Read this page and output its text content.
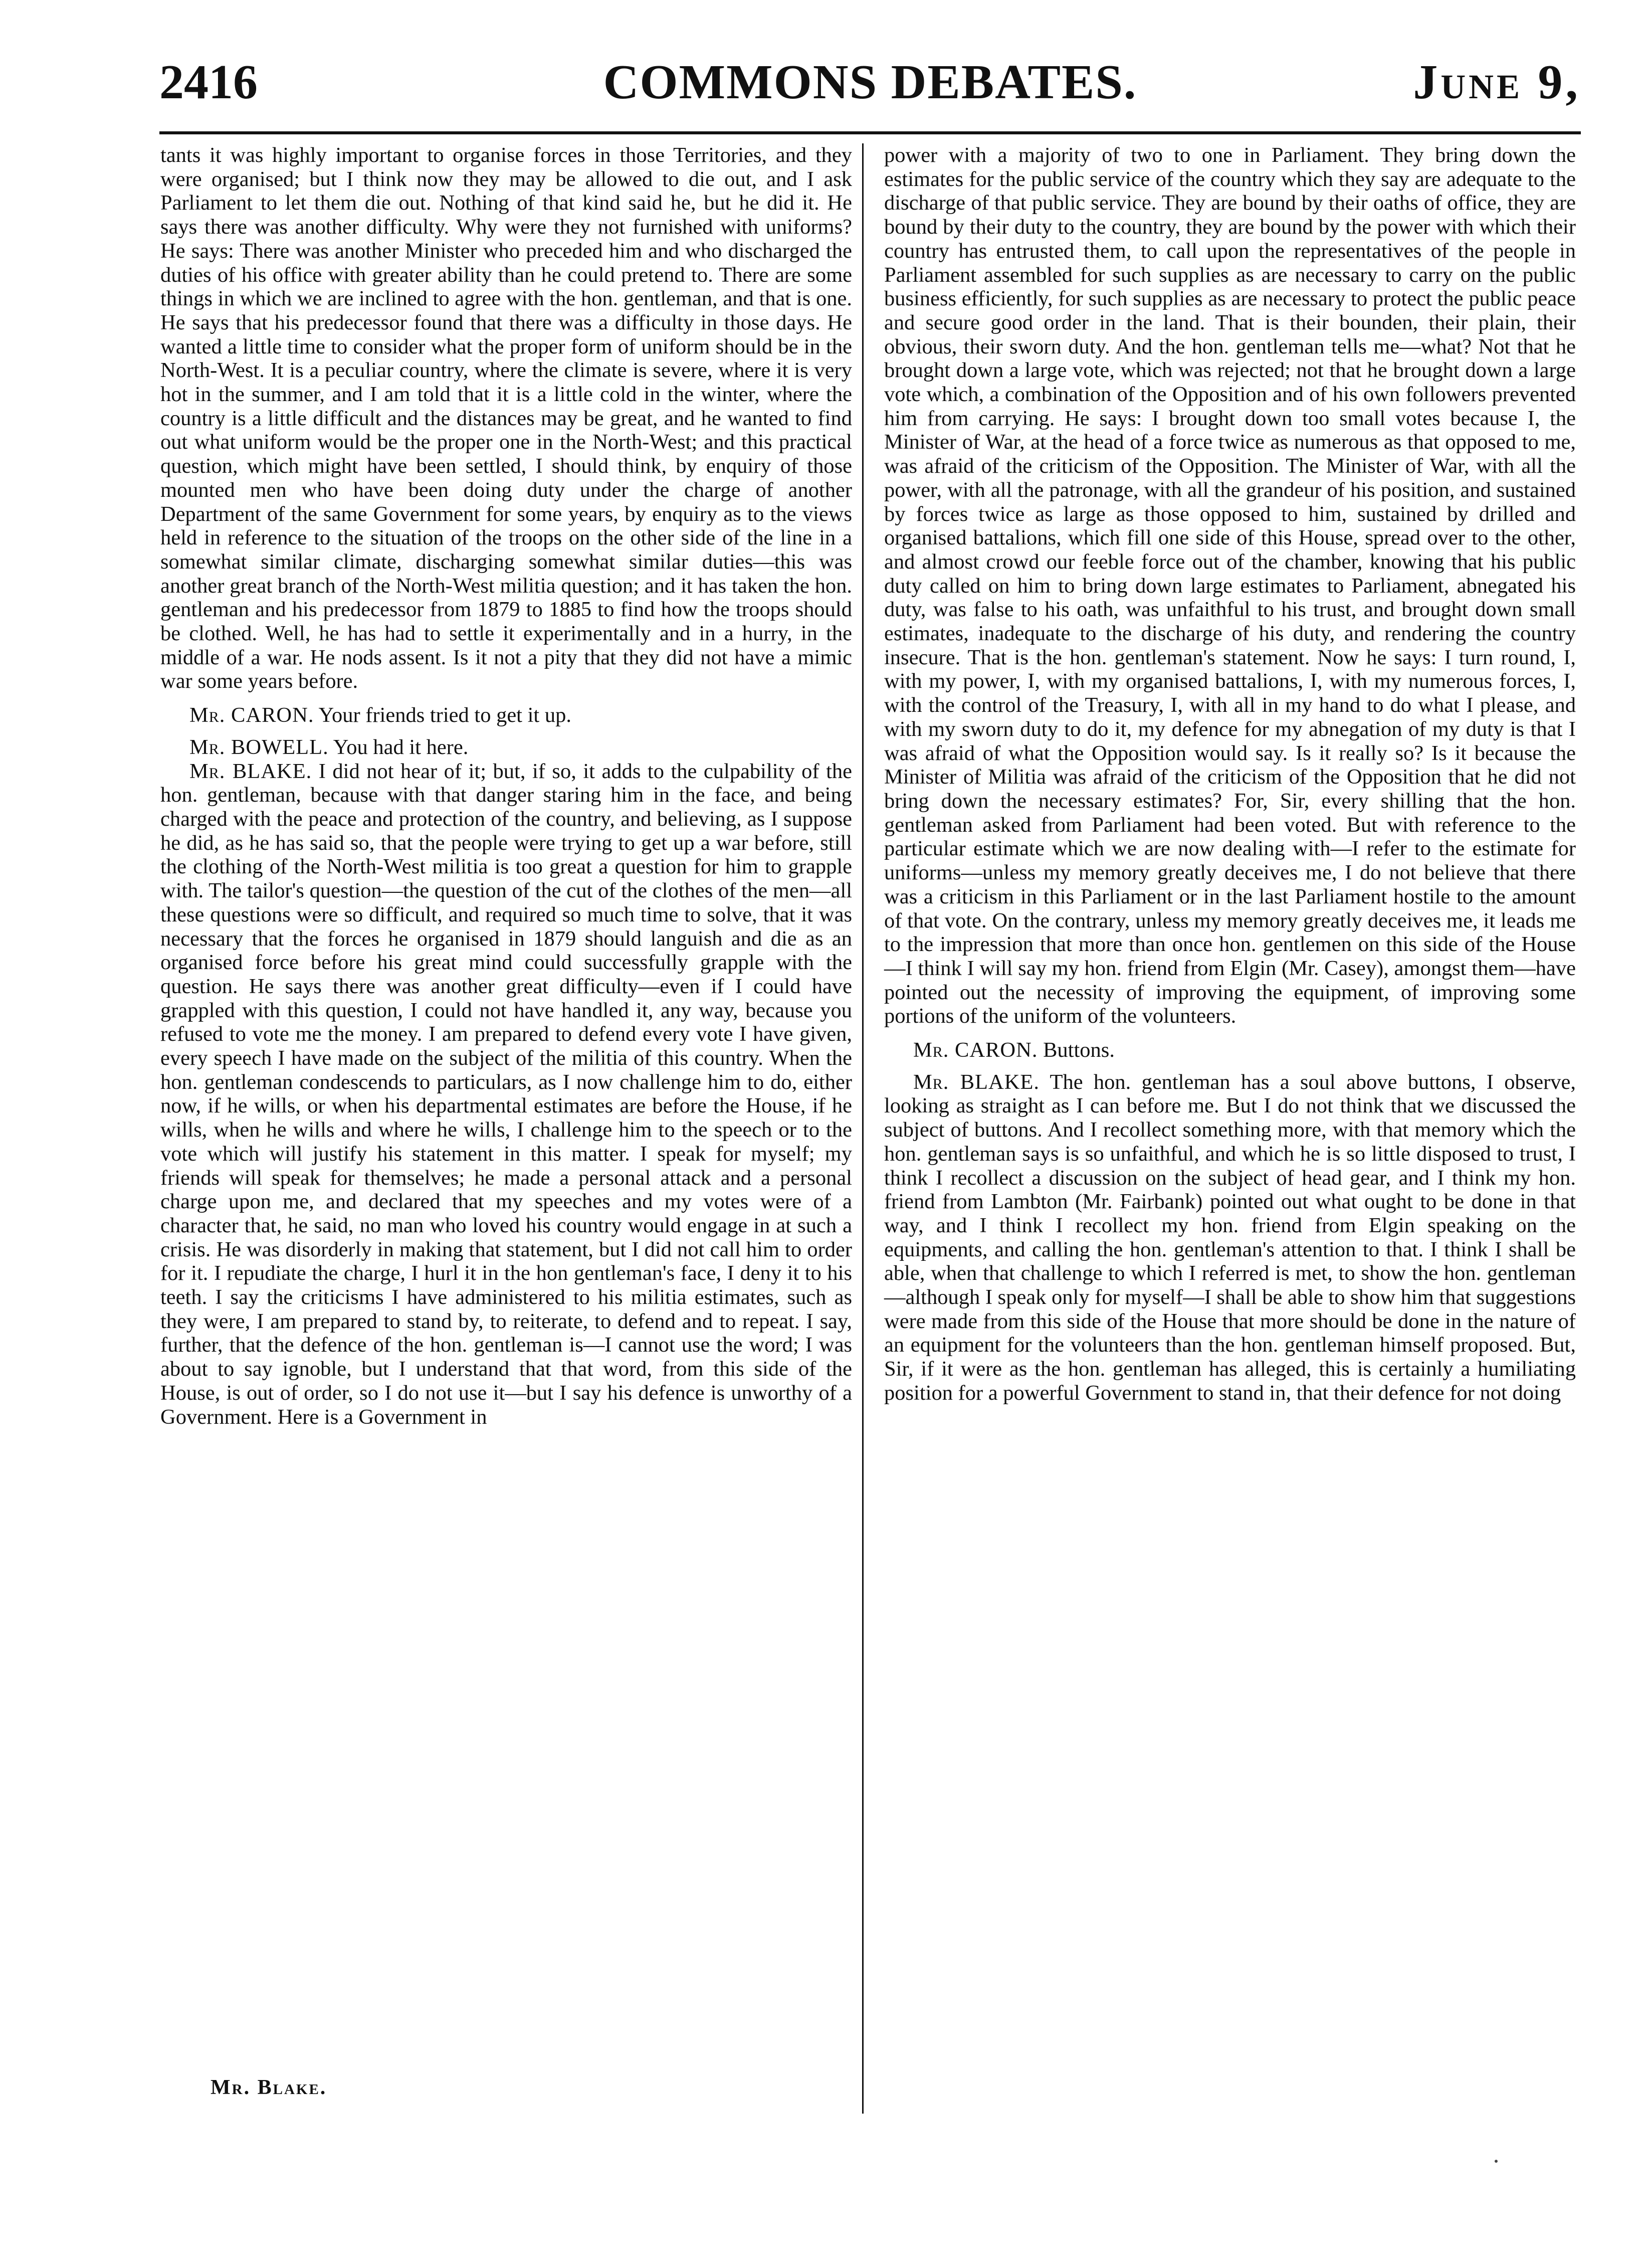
2416	COMMONS DEBATES.	June 9,

tants it was highly important to organise forces in those Territories, and they were organised; but I think now they may be allowed to die out, and I ask Parliament to let them die out. Nothing of that kind said he, but he did it. He says there was another difficulty. Why were they not furnished with uniforms? He says: There was another Minister who preceded him and who discharged the duties of his office with greater ability than he could pretend to. There are some things in which we are inclined to agree with the hon. gentleman, and that is one. He says that his predecessor found that there was a difficulty in those days. He wanted a little time to consider what the proper form of uniform should be in the North-West. It is a peculiar country, where the climate is severe, where it is very hot in the summer, and I am told that it is a little cold in the winter, where the country is a little difficult and the distances may be great, and he wanted to find out what uniform would be the proper one in the North-West; and this practical question, which might have been settled, I should think, by enquiry of those mounted men who have been doing duty under the charge of another Department of the same Government for some years, by enquiry as to the views held in reference to the situation of the troops on the other side of the line in a somewhat similar climate, discharging somewhat similar duties—this was another great branch of the North-West militia question; and it has taken the hon. gentleman and his predecessor from 1879 to 1885 to find how the troops should be clothed. Well, he has had to settle it experimentally and in a hurry, in the middle of a war. He nods assent. Is it not a pity that they did not have a mimic war some years before.

Mr. CARON. Your friends tried to get it up.

Mr. BOWELL. You had it here.

Mr. BLAKE. I did not hear of it; but, if so, it adds to the culpability of the hon. gentleman, because with that danger staring him in the face, and being charged with the peace and protection of the country, and believing, as I suppose he did, as he has said so, that the people were trying to get up a war before, still the clothing of the North-West militia is too great a question for him to grapple with. The tailor's question—the question of the cut of the clothes of the men—all these questions were so difficult, and required so much time to solve, that it was necessary that the forces he organised in 1879 should languish and die as an organised force before his great mind could successfully grapple with the question. He says there was another great difficulty—even if I could have grappled with this question, I could not have handled it, any way, because you refused to vote me the money. I am prepared to defend every vote I have given, every speech I have made on the subject of the militia of this country. When the hon. gentleman condescends to particulars, as I now challenge him to do, either now, if he wills, or when his departmental estimates are before the House, if he wills, when he wills and where he wills, I challenge him to the speech or to the vote which will justify his statement in this matter. I speak for myself; my friends will speak for themselves; he made a personal attack and a personal charge upon me, and declared that my speeches and my votes were of a character that, he said, no man who loved his country would engage in at such a crisis. He was disorderly in making that statement, but I did not call him to order for it. I repudiate the charge, I hurl it in the hon gentleman's face, I deny it to his teeth. I say the criticisms I have administered to his militia estimates, such as they were, I am prepared to stand by, to reiterate, to defend and to repeat. I say, further, that the defence of the hon. gentleman is—I cannot use the word; I was about to say ignoble, but I understand that that word, from this side of the House, is out of order, so I do not use it—but I say his defence is unworthy of a Government. Here is a Government in

power with a majority of two to one in Parliament. They bring down the estimates for the public service of the country which they say are adequate to the discharge of that public service. They are bound by their oaths of office, they are bound by their duty to the country, they are bound by the power with which their country has entrusted them, to call upon the representatives of the people in Parliament assembled for such supplies as are necessary to carry on the public business efficiently, for such supplies as are necessary to protect the public peace and secure good order in the land. That is their bounden, their plain, their obvious, their sworn duty. And the hon. gentleman tells me—what? Not that he brought down a large vote, which was rejected; not that he brought down a large vote which, a combination of the Opposition and of his own followers prevented him from carrying. He says: I brought down too small votes because I, the Minister of War, at the head of a force twice as numerous as that opposed to me, was afraid of the criticism of the Opposition. The Minister of War, with all the power, with all the patronage, with all the grandeur of his position, and sustained by forces twice as large as those opposed to him, sustained by drilled and organised battalions, which fill one side of this House, spread over to the other, and almost crowd our feeble force out of the chamber, knowing that his public duty called on him to bring down large estimates to Parliament, abnegated his duty, was false to his oath, was unfaithful to his trust, and brought down small estimates, inadequate to the discharge of his duty, and rendering the country insecure. That is the hon. gentleman's statement. Now he says: I turn round, I, with my power, I, with my organised battalions, I, with my numerous forces, I, with the control of the Treasury, I, with all in my hand to do what I please, and with my sworn duty to do it, my defence for my abnegation of my duty is that I was afraid of what the Opposition would say. Is it really so? Is it because the Minister of Militia was afraid of the criticism of the Opposition that he did not bring down the necessary estimates? For, Sir, every shilling that the hon. gentleman asked from Parliament had been voted. But with reference to the particular estimate which we are now dealing with—I refer to the estimate for uniforms—unless my memory greatly deceives me, I do not believe that there was a criticism in this Parliament or in the last Parliament hostile to the amount of that vote. On the contrary, unless my memory greatly deceives me, it leads me to the impression that more than once hon. gentlemen on this side of the House—I think I will say my hon. friend from Elgin (Mr. Casey), amongst them—have pointed out the necessity of improving the equipment, of improving some portions of the uniform of the volunteers.

Mr. CARON. Buttons.

Mr. BLAKE. The hon. gentleman has a soul above buttons, I observe, looking as straight as I can before me. But I do not think that we discussed the subject of buttons. And I recollect something more, with that memory which the hon. gentleman says is so unfaithful, and which he is so little disposed to trust, I think I recollect a discussion on the subject of head gear, and I think my hon. friend from Lambton (Mr. Fairbank) pointed out what ought to be done in that way, and I think I recollect my hon. friend from Elgin speaking on the equipments, and calling the hon. gentleman's attention to that. I think I shall be able, when that challenge to which I referred is met, to show the hon. gentleman—although I speak only for myself—I shall be able to show him that suggestions were made from this side of the House that more should be done in the nature of an equipment for the volunteers than the hon. gentleman himself proposed. But, Sir, if it were as the hon. gentleman has alleged, this is certainly a humiliating position for a powerful Government to stand in, that their defence for not doing

Mr. Blake.
